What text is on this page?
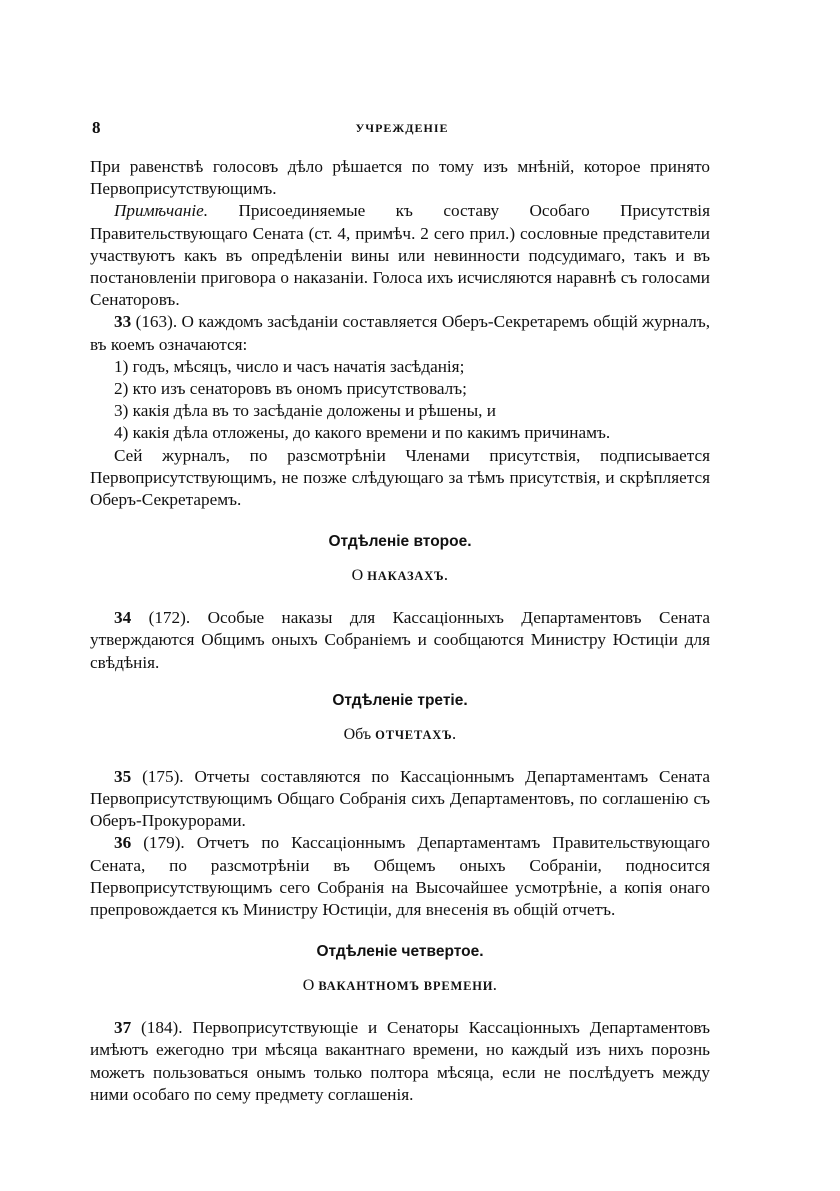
8	УЧРЕЖДЕНІЕ

При равенствѣ голосовъ дѣло рѣшается по тому изъ мнѣній, которое принято Первоприсутствующимъ.

Примѣчаніе. Присоединяемые къ составу Особаго Присутствія Правительствующаго Сената (ст. 4, примѣч. 2 сего прил.) сословные представители участвуютъ какъ въ опредѣленіи вины или невинности подсудимаго, такъ и въ постановленіи приговора о наказаніи. Голоса ихъ исчисляются наравнѣ съ голосами Сенаторовъ.

33 (163). О каждомъ засѣданіи составляется Оберъ-Секретаремъ общій журналъ, въ коемъ означаются:

1) годъ, мѣсяцъ, число и часъ начатія засѣданія;

2) кто изъ сенаторовъ въ ономъ присутствовалъ;

3) какія дѣла въ то засѣданіе доложены и рѣшены, и

4) какія дѣла отложены, до какого времени и по какимъ причинамъ.

Сей журналъ, по разсмотрѣніи Членами присутствія, подписывается Первоприсутствующимъ, не позже слѣдующаго за тѣмъ присутствія, и скрѣпляется Оберъ-Секретаремъ.

Отдѣленіе второе.

О НАКАЗАХЪ.

34 (172). Особые наказы для Кассаціонныхъ Департаментовъ Сената утверждаются Общимъ оныхъ Собраніемъ и сообщаются Министру Юстиціи для свѣдѣнія.

Отдѣленіе третіе.

Объ ОТЧЕТАХЪ.

35 (175). Отчеты составляются по Кассаціоннымъ Департаментамъ Сената Первоприсутствующимъ Общаго Собранія сихъ Департаментовъ, по соглашенію съ Оберъ-Прокурорами.

36 (179). Отчетъ по Кассаціоннымъ Департаментамъ Правительствующаго Сената, по разсмотрѣніи въ Общемъ оныхъ Собраніи, подносится Первоприсутствующимъ сего Собранія на Высочайшее усмотрѣніе, а копія онаго препровождается къ Министру Юстиціи, для внесенія въ общій отчетъ.

Отдѣленіе четвертое.

О ВАКАНТНОМЪ ВРЕМЕНИ.

37 (184). Первоприсутствующіе и Сенаторы Кассаціонныхъ Департаментовъ имѣютъ ежегодно три мѣсяца вакантнаго времени, но каждый изъ нихъ порознь можетъ пользоваться онымъ только полтора мѣсяца, если не послѣдуетъ между ними особаго по сему предмету соглашенія.
